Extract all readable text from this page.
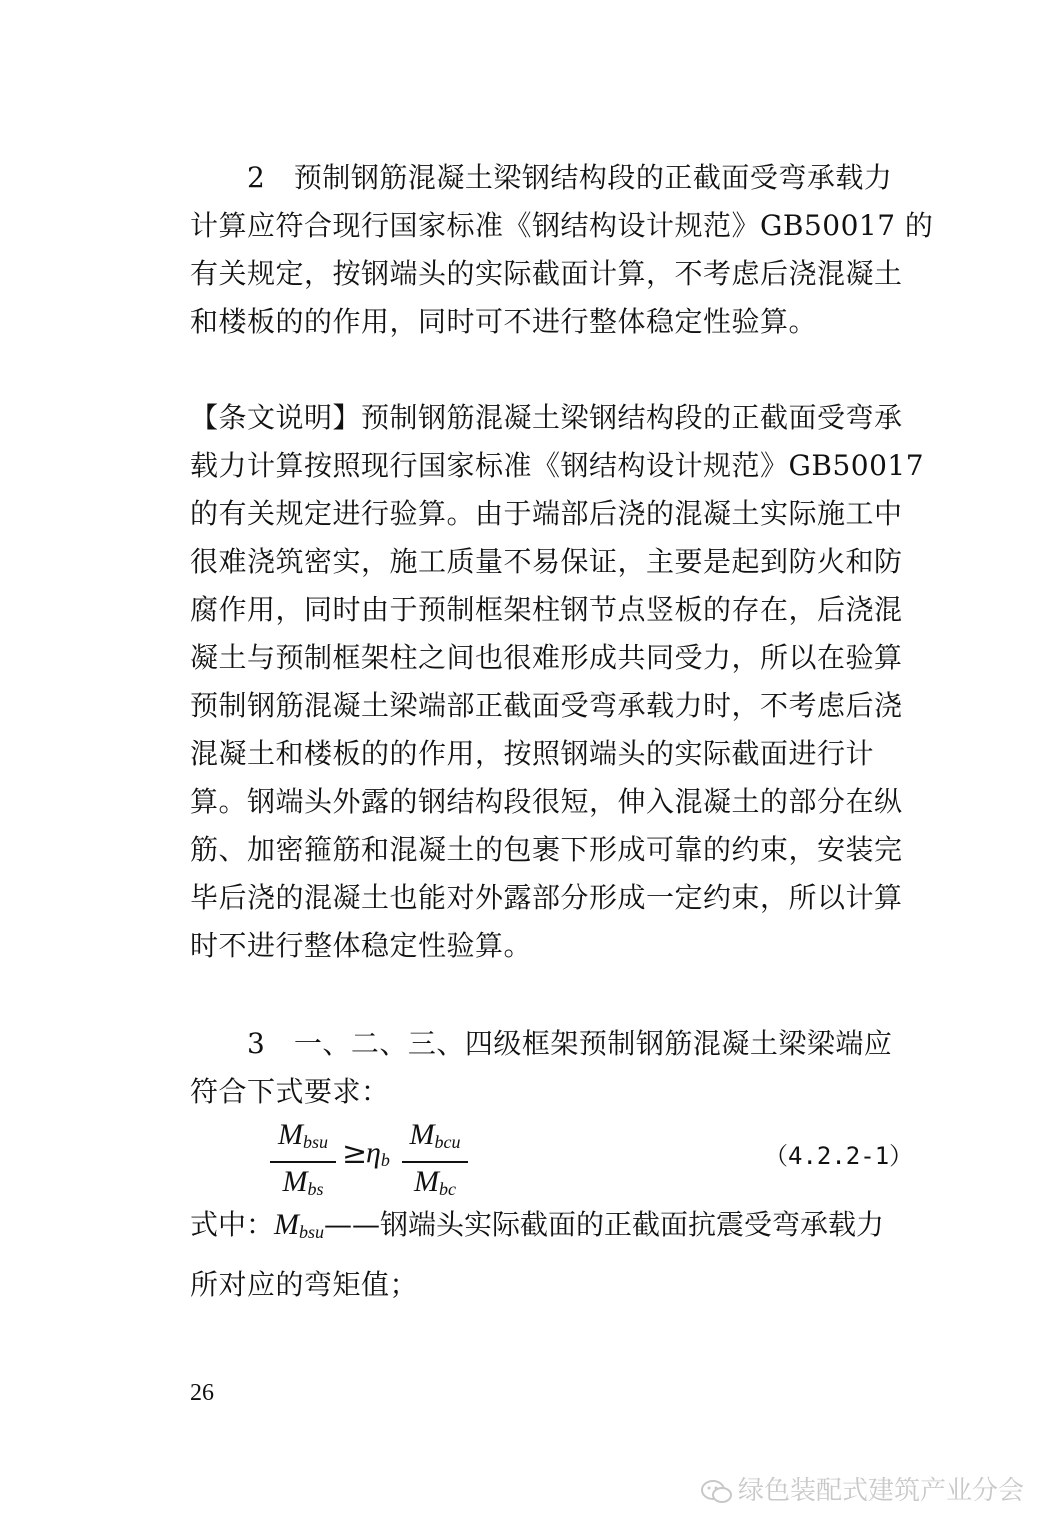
　　2　预制钢筋混凝土梁钢结构段的正截面受弯承载力
计算应符合现行国家标准《钢结构设计规范》GB50017 的
有关规定，按钢端头的实际截面计算，不考虑后浇混凝土
和楼板的的作用，同时可不进行整体稳定性验算。
【条文说明】预制钢筋混凝土梁钢结构段的正截面受弯承
载力计算按照现行国家标准《钢结构设计规范》GB50017
的有关规定进行验算。由于端部后浇的混凝土实际施工中
很难浇筑密实，施工质量不易保证，主要是起到防火和防
腐作用，同时由于预制框架柱钢节点竖板的存在，后浇混
凝土与预制框架柱之间也很难形成共同受力，所以在验算
预制钢筋混凝土梁端部正截面受弯承载力时，不考虑后浇
混凝土和楼板的的作用，按照钢端头的实际截面进行计
算。钢端头外露的钢结构段很短，伸入混凝土的部分在纵
筋、加密箍筋和混凝土的包裹下形成可靠的约束，安装完
毕后浇的混凝土也能对外露部分形成一定约束，所以计算
时不进行整体稳定性验算。
　　3　一、二、三、四级框架预制钢筋混凝土梁梁端应
符合下式要求：
$M_{bsu}$
$M_{bs}$
≥
$\eta_b$
$M_{bcu}$
$M_{bc}$
（4.2.2-1）
式中：$M_{bsu}——$钢端头实际截面的正截面抗震受弯承载力
所对应的弯矩值；
26
绿色装配式建筑产业分会
